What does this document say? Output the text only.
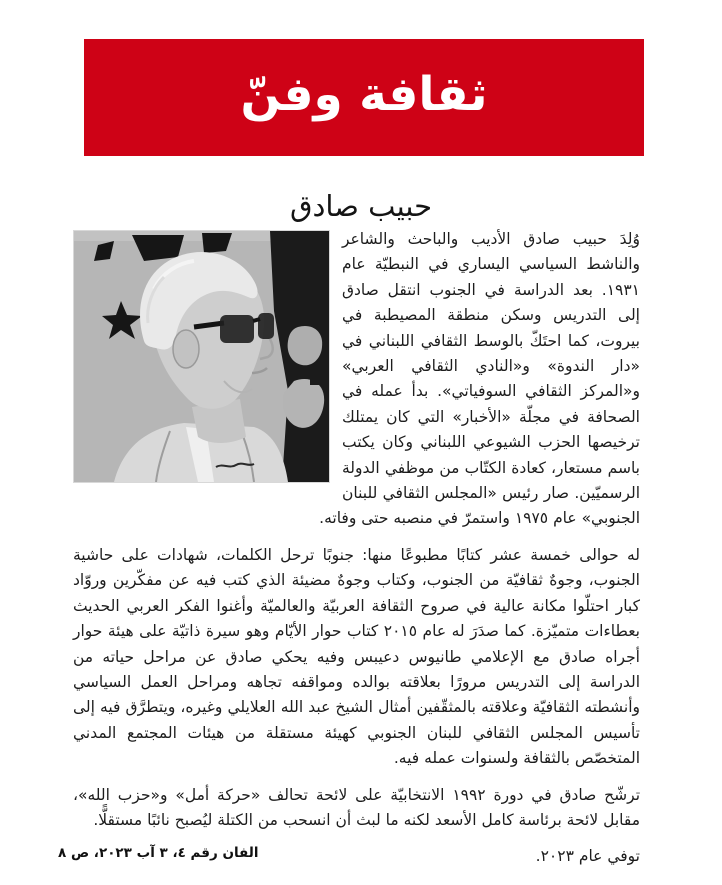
ثقافة وفنّ
حبيب صادق

وُلِدَ حبيب صادق الأديب والباحث والشاعر والناشط السياسي اليساري في النبطيّة عام ١٩٣١. بعد الدراسة في الجنوب انتقل صادق إلى التدريس وسكن منطقة المصيطبة في بيروت، كما احتَكّ بالوسط الثقافي اللبناني في «دار الندوة» و«النادي الثقافي العربي» و«المركز الثقافي السوفياتي». بدأ عمله في الصحافة في مجلّة «الأخبار» التي كان يمتلك ترخيصها الحزب الشيوعي اللبناني وكان يكتب باسم مستعار، كعادة الكتّاب من موظفي الدولة الرسميّين. صار رئيس «المجلس الثقافي للبنان الجنوبي» عام ١٩٧٥ واستمرّ في منصبه حتى وفاته.

له حوالى خمسة عشر كتابًا مطبوعًا منها: جنوبًا ترحل الكلمات، شهادات على حاشية الجنوب، وجوهٌ ثقافيّة من الجنوب، وكتاب وجوهٌ مضيئة الذي كتب فيه عن مفكّرين وروّاد كبار احتلّوا مكانة عالية في صروح الثقافة العربيّة والعالميّة وأغنوا الفكر العربي الحديث بعطاءات متميّزة. كما صدَرَ له عام ٢٠١٥ كتاب حوار الأيّام وهو سيرة ذاتيّة على هيئة حوار أجراه صادق مع الإعلامي طانيوس دعيبس وفيه يحكي صادق عن مراحل حياته من الدراسة إلى التدريس مرورًا بعلاقته بوالده ومواقفه تجاهه ومراحل العمل السياسي وأنشطته الثقافيّة وعلاقته بالمثقّفين أمثال الشيخ عبد الله العلايلي وغيره، ويتطرَّق فيه إلى تأسيس المجلس الثقافي للبنان الجنوبي كهيئة مستقلة من هيئات المجتمع المدني المتخصّص بالثقافة ولسنوات عمله فيه.

ترشّح صادق في دورة ١٩٩٢ الانتخابيّة على لائحة تحالف «حركة أمل» و«حزب الله»، مقابل لائحة برئاسة كامل الأسعد لكنه ما لبث أن انسحب من الكتلة ليُصبح نائبًا مستقلًّا.

توفي عام ٢٠٢٣.

الفان رقم ٤، ٣ آب ٢٠٢٣، ص ٨
